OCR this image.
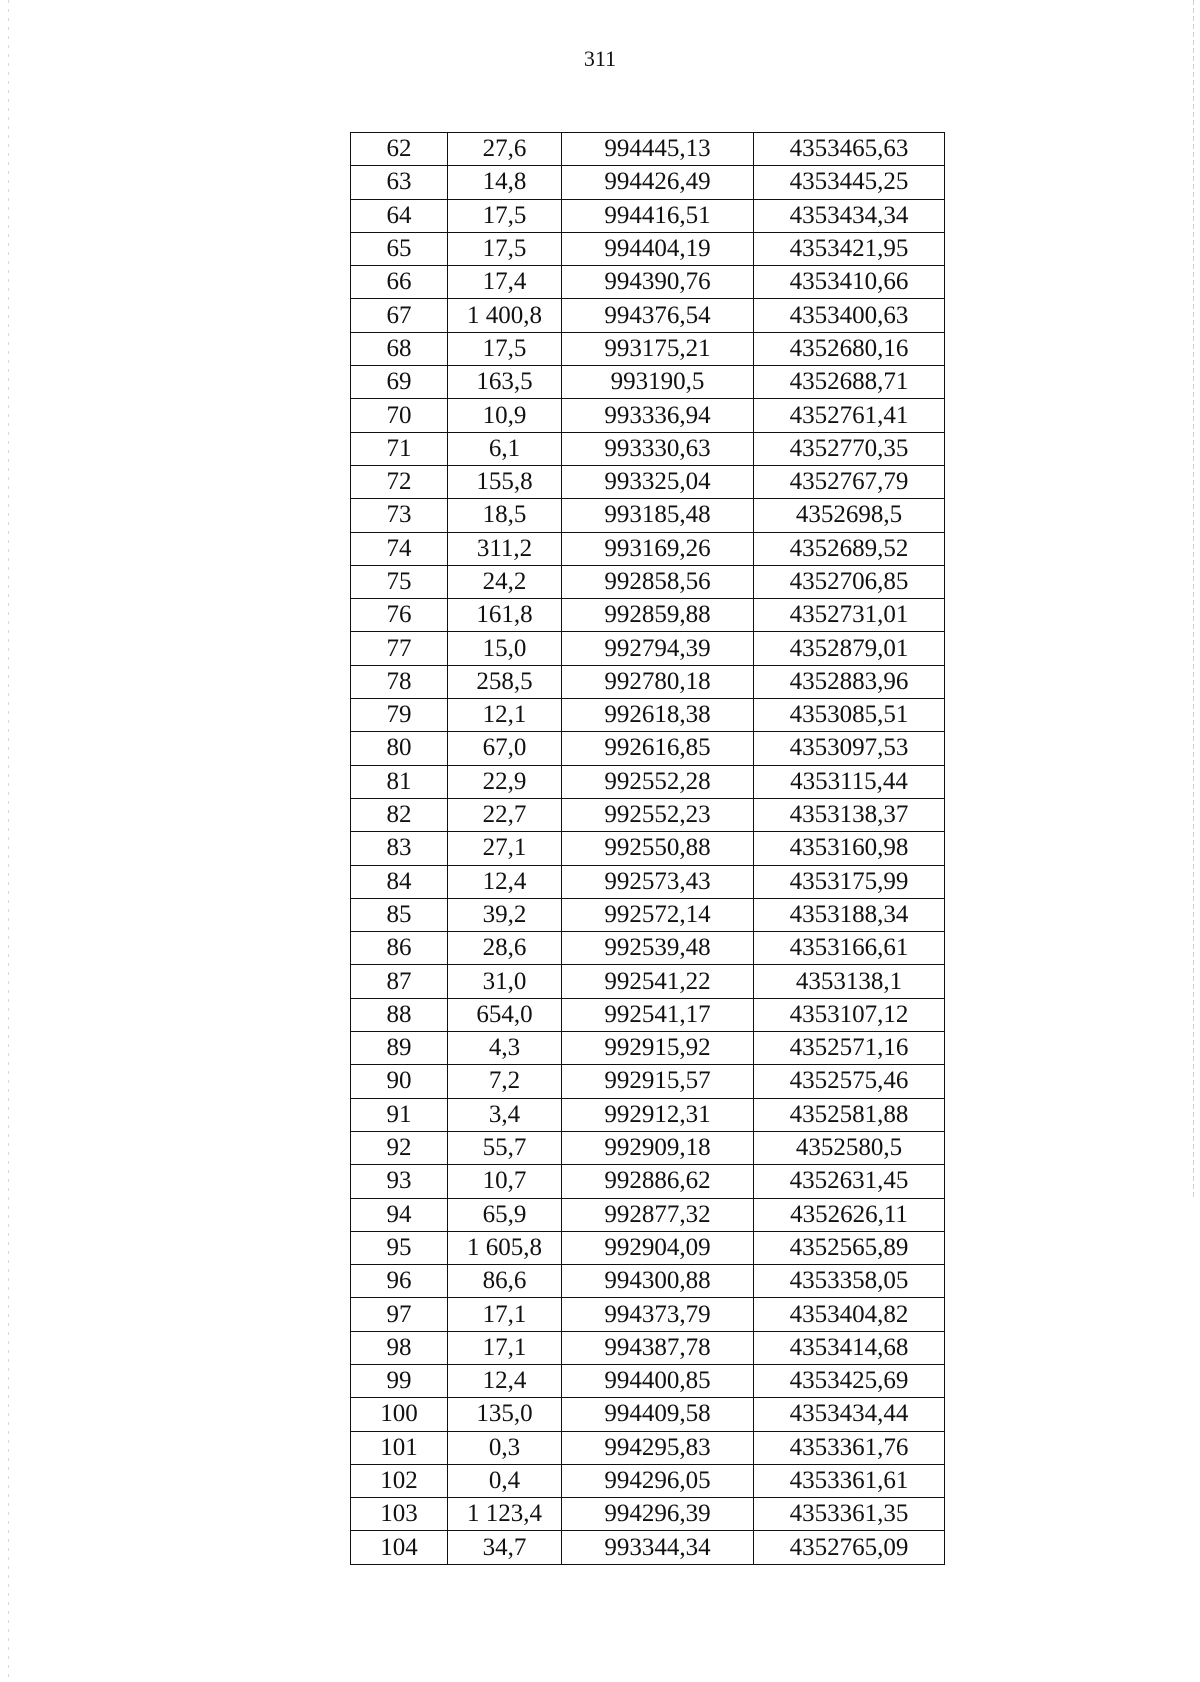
311
62	27,6	994445,13	4353465,63
63	14,8	994426,49	4353445,25
64	17,5	994416,51	4353434,34
65	17,5	994404,19	4353421,95
66	17,4	994390,76	4353410,66
67	1 400,8	994376,54	4353400,63
68	17,5	993175,21	4352680,16
69	163,5	993190,5	4352688,71
70	10,9	993336,94	4352761,41
71	6,1	993330,63	4352770,35
72	155,8	993325,04	4352767,79
73	18,5	993185,48	4352698,5
74	311,2	993169,26	4352689,52
75	24,2	992858,56	4352706,85
76	161,8	992859,88	4352731,01
77	15,0	992794,39	4352879,01
78	258,5	992780,18	4352883,96
79	12,1	992618,38	4353085,51
80	67,0	992616,85	4353097,53
81	22,9	992552,28	4353115,44
82	22,7	992552,23	4353138,37
83	27,1	992550,88	4353160,98
84	12,4	992573,43	4353175,99
85	39,2	992572,14	4353188,34
86	28,6	992539,48	4353166,61
87	31,0	992541,22	4353138,1
88	654,0	992541,17	4353107,12
89	4,3	992915,92	4352571,16
90	7,2	992915,57	4352575,46
91	3,4	992912,31	4352581,88
92	55,7	992909,18	4352580,5
93	10,7	992886,62	4352631,45
94	65,9	992877,32	4352626,11
95	1 605,8	992904,09	4352565,89
96	86,6	994300,88	4353358,05
97	17,1	994373,79	4353404,82
98	17,1	994387,78	4353414,68
99	12,4	994400,85	4353425,69
100	135,0	994409,58	4353434,44
101	0,3	994295,83	4353361,76
102	0,4	994296,05	4353361,61
103	1 123,4	994296,39	4353361,35
104	34,7	993344,34	4352765,09
